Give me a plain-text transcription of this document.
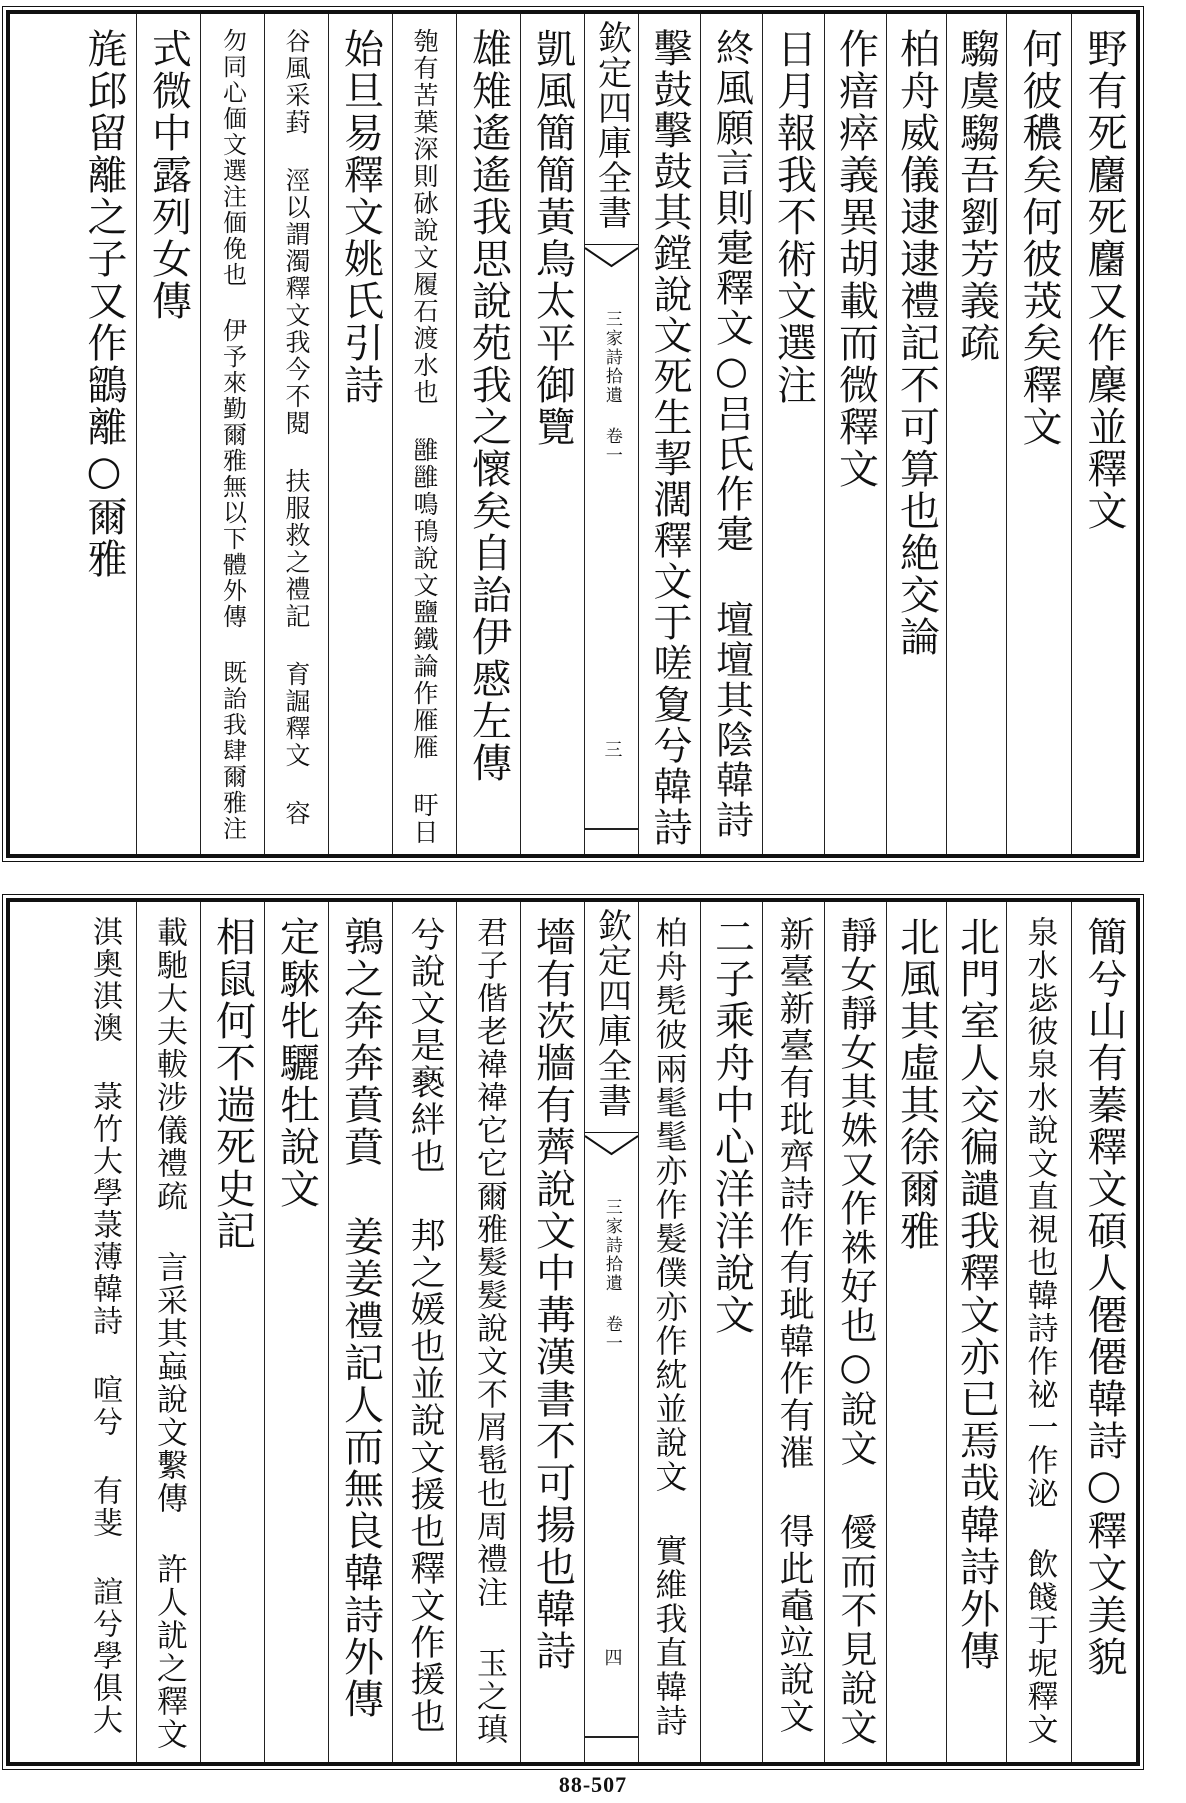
野有死麕死麕又作麇並釋文
何彼穠矣何彼茙矣釋文
騶虞騶吾劉芳義疏
柏舟威儀逮逮禮記不可算也絶交論
作瘖瘁義異胡載而微釋文
日月報我不術文選注
終風願言則疐釋文○吕氏作疐 壇壇其陰韓詩
擊鼓擊鼓其鏜說文死生挈濶釋文于嗟夐兮韓詩
欽定四庫全書
三家詩拾遺 卷一
三
凱風簡簡黃鳥太平御覽
雄雉遙遙我思說苑我之懷矣自詒伊慼左傳
匏有苦葉深則砅說文履石渡水也 雝雝鳴鳱說文鹽鐵論作雁雁 旴日
始旦易釋文姚氏引詩
谷風采葑 涇以謂濁釋文我今不閱 扶服救之禮記 育誳釋文 容
勿同心偭文選注偭俛也 伊予來勤爾雅無以下體外傳 既詒我肆爾雅注
式微中露列女傳
旄邱留離之子又作鶹離○爾雅
簡兮山有蓁釋文碩人僊僊韓詩○釋文美貌
泉水毖彼泉水說文直視也韓詩作祕一作泌 飲餞于坭釋文
北門室人交徧譴我釋文亦已焉哉韓詩外傳
北風其虛其徐爾雅
靜女靜女其姝又作袾好也○說文 僾而不見說文
新臺新臺有玭齊詩作有玼韓作有漼 得此鼀竝說文
二子乘舟中心洋洋說文
柏舟髧彼兩髦髦亦作髮僕亦作紞並說文 實維我直韓詩
欽定四庫全書
三家詩拾遺 卷一
四
墻有茨牆有薺說文中冓漢書不可揚也韓詩
君子偕老褘褘它它爾雅髮髮說文不屑髢也周禮注 玉之瑱
兮說文是褻絆也 邦之媛也並說文援也釋文作援也
鶉之奔奔賁賁 姜姜禮記人而無良韓詩外傳
定騋牝驪牡說文
相鼠何不遄死史記
載馳大夫軷涉儀禮疏 言采其蝱說文繫傳 許人訧之釋文
淇奧淇澳 菉竹大學菉薄韓詩 喧兮 有斐 諠兮學俱大
88-507
